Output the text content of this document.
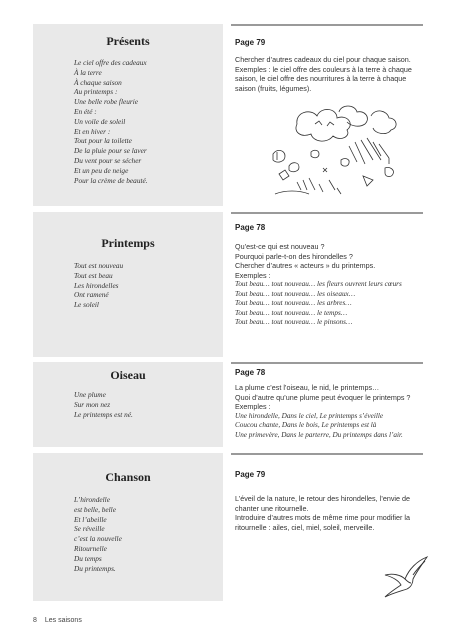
Présents
Le ciel offre des cadeaux
À la terre
À chaque saison
Au printemps :
Une belle robe fleurie
En été :
Un voile de soleil
Et en hiver :
Tout pour la toilette
De la pluie pour se laver
Du vent pour se sécher
Et un peu de neige
Pour la crème de beauté.
Page 79
Chercher d’autres cadeaux du ciel pour chaque saison.
Exemples : le ciel offre des couleurs à la terre à chaque
saison, le ciel offre des nourritures à la terre à chaque
saison (fruits, légumes).
Printemps
Tout est nouveau
Tout est beau
Les hirondelles
Ont ramené
Le soleil
Page 78
Qu’est-ce qui est nouveau ?
Pourquoi parle-t-on des hirondelles ?
Chercher d’autres « acteurs » du printemps.
Exemples :
Tout beau… tout nouveau… les fleurs ouvrent leurs cœurs
Tout beau… tout nouveau… les oiseaux…
Tout beau… tout nouveau… les arbres…
Tout beau… tout nouveau… le temps…
Tout beau… tout nouveau… le pinsons…
Oiseau
Une plume
Sur mon nez
Le printemps est né.
Page 78
La plume c’est l’oiseau, le nid, le printemps…
Quoi d’autre qu’une plume peut évoquer le printemps ?
Exemples :
Une hirondelle, Dans le ciel, Le printemps s’éveille
Coucou chante, Dans le bois, Le printemps est là
Une primevère, Dans le parterre, Du printemps dans l’air.
Chanson
L’hirondelle
est belle, belle
Et l’abeille
Se réveille
c’est la nouvelle
Ritournelle
Du temps
Du printemps.
Page 79
L’éveil de la nature, le retour des hirondelles, l’envie de
chanter une ritournelle.
Introduire d’autres mots de même rime pour modifier la
ritournelle : ailes, ciel, miel, soleil, merveille.
8 Les saisons
